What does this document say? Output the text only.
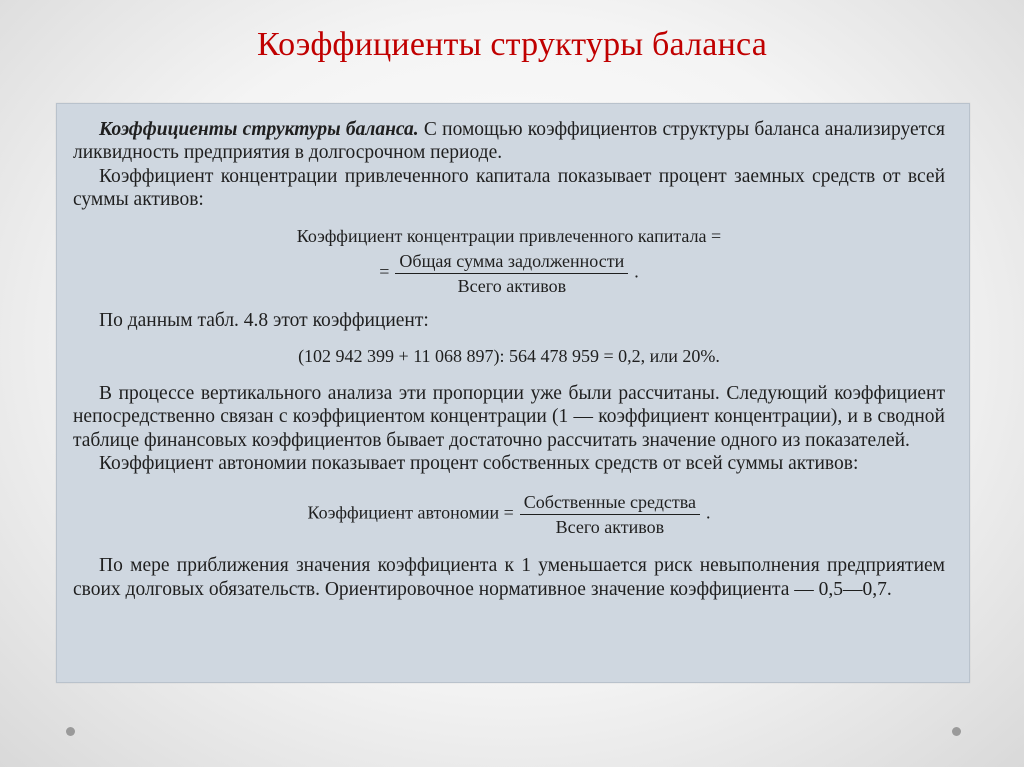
Коэффициенты структуры баланса

Коэффициенты структуры баланса. С помощью коэффициентов структуры баланса анализируется ликвидность предприятия в долгосрочном периоде.

Коэффициент концентрации привлеченного капитала показывает процент заемных средств от всей суммы активов:

Коэффициент концентрации привлеченного капитала =
= $\frac{\text{Общая сумма задолженности}}{\text{Всего активов}}$ .

По данным табл. 4.8 этот коэффициент:

(102 942 399 + 11 068 897): 564 478 959 = 0,2, или 20%.

В процессе вертикального анализа эти пропорции уже были рассчитаны. Следующий коэффициент непосредственно связан с коэффициентом концентрации (1 — коэффициент концентрации), и в сводной таблице финансовых коэффициентов бывает достаточно рассчитать значение одного из показателей.

Коэффициент автономии показывает процент собственных средств от всей суммы активов:

Коэффициент автономии = $\frac{\text{Собственные средства}}{\text{Всего активов}}$ .

По мере приближения значения коэффициента к 1 уменьшается риск невыполнения предприятием своих долговых обязательств. Ориентировочное нормативное значение коэффициента — 0,5—0,7.
